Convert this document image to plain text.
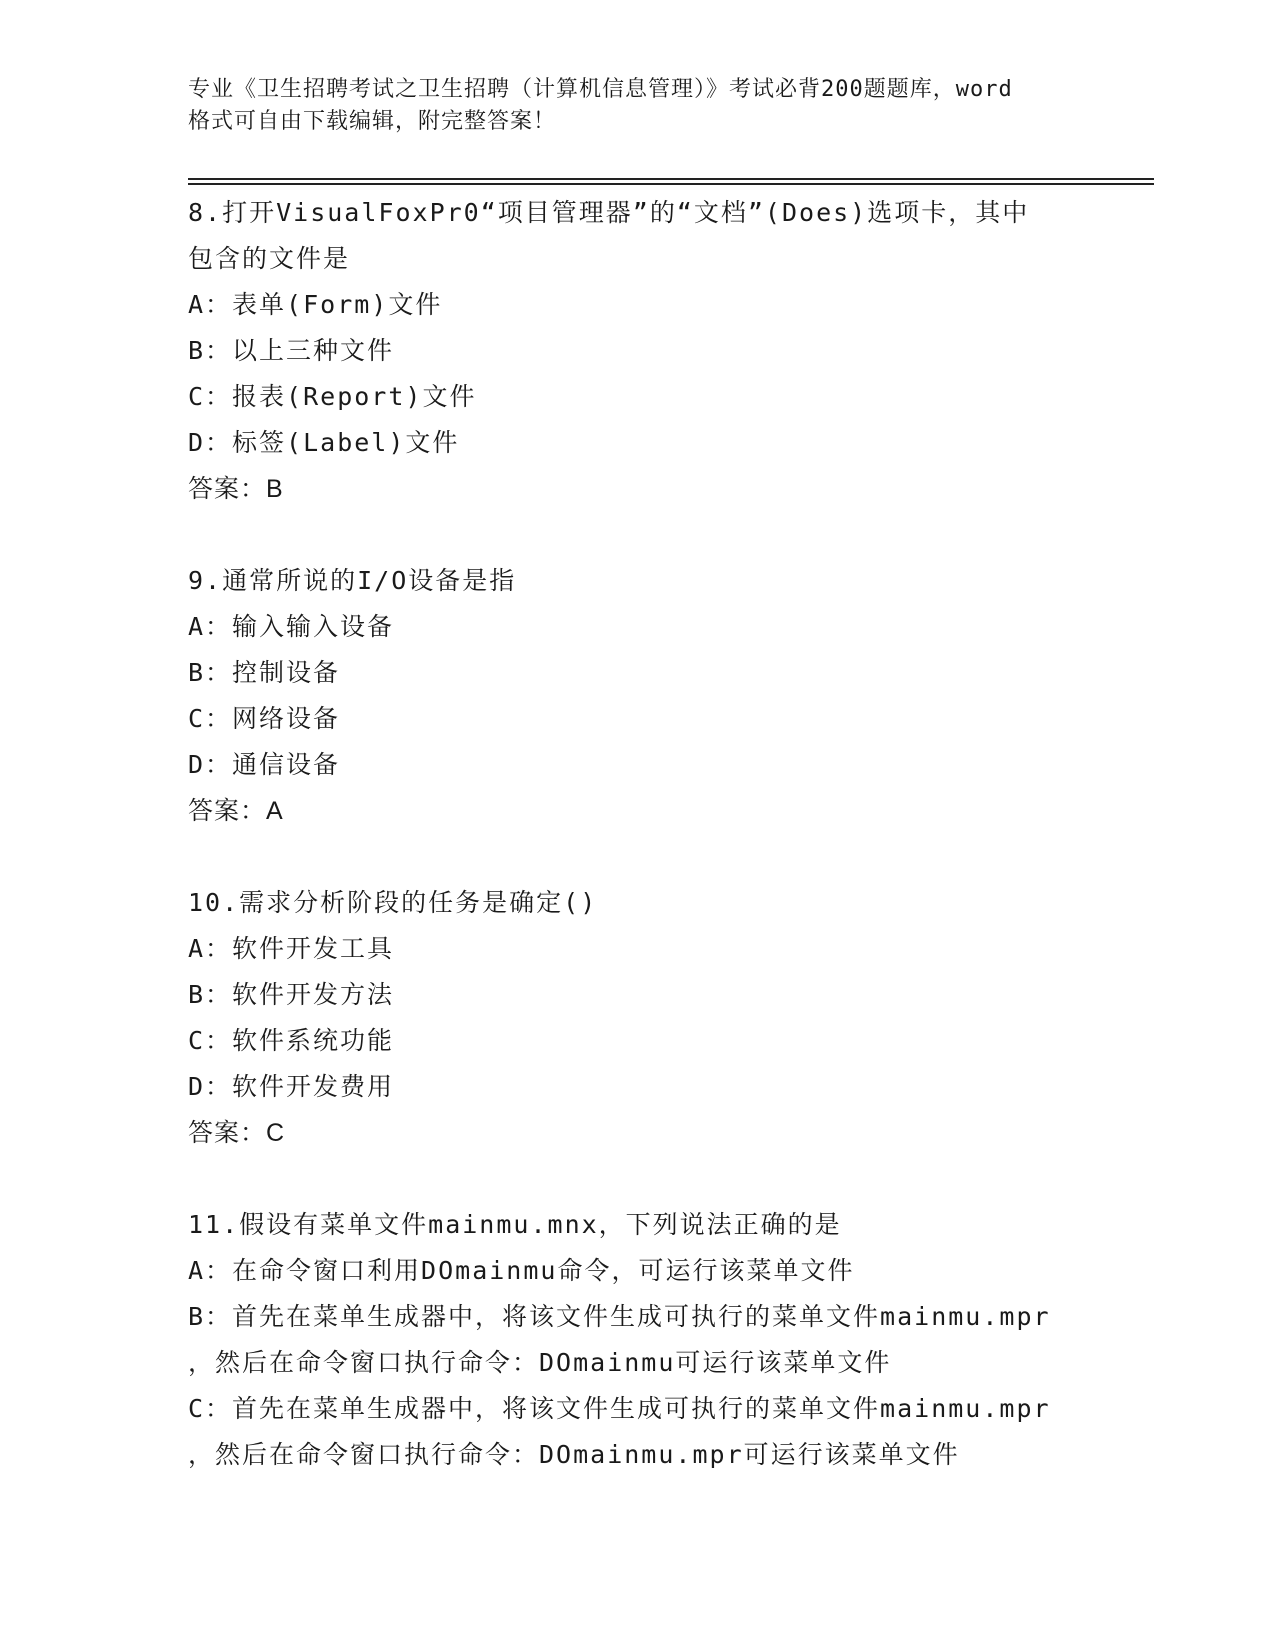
专业《卫生招聘考试之卫生招聘（计算机信息管理）》考试必背200题题库，word
格式可自由下载编辑，附完整答案！
8.打开VisualFoxPr0“项目管理器”的“文档”(Does)选项卡，其中
包含的文件是
A：表单(Form)文件
B：以上三种文件
C：报表(Report)文件
D：标签(Label)文件
答案：B
9.通常所说的I/O设备是指
A：输入输入设备
B：控制设备
C：网络设备
D：通信设备
答案：A
10.需求分析阶段的任务是确定()
A：软件开发工具
B：软件开发方法
C：软件系统功能
D：软件开发费用
答案：C
11.假设有菜单文件mainmu.mnx，下列说法正确的是
A：在命令窗口利用DOmainmu命令，可运行该菜单文件
B：首先在菜单生成器中，将该文件生成可执行的菜单文件mainmu.mpr
，然后在命令窗口执行命令：DOmainmu可运行该菜单文件
C：首先在菜单生成器中，将该文件生成可执行的菜单文件mainmu.mpr
，然后在命令窗口执行命令：DOmainmu.mpr可运行该菜单文件
